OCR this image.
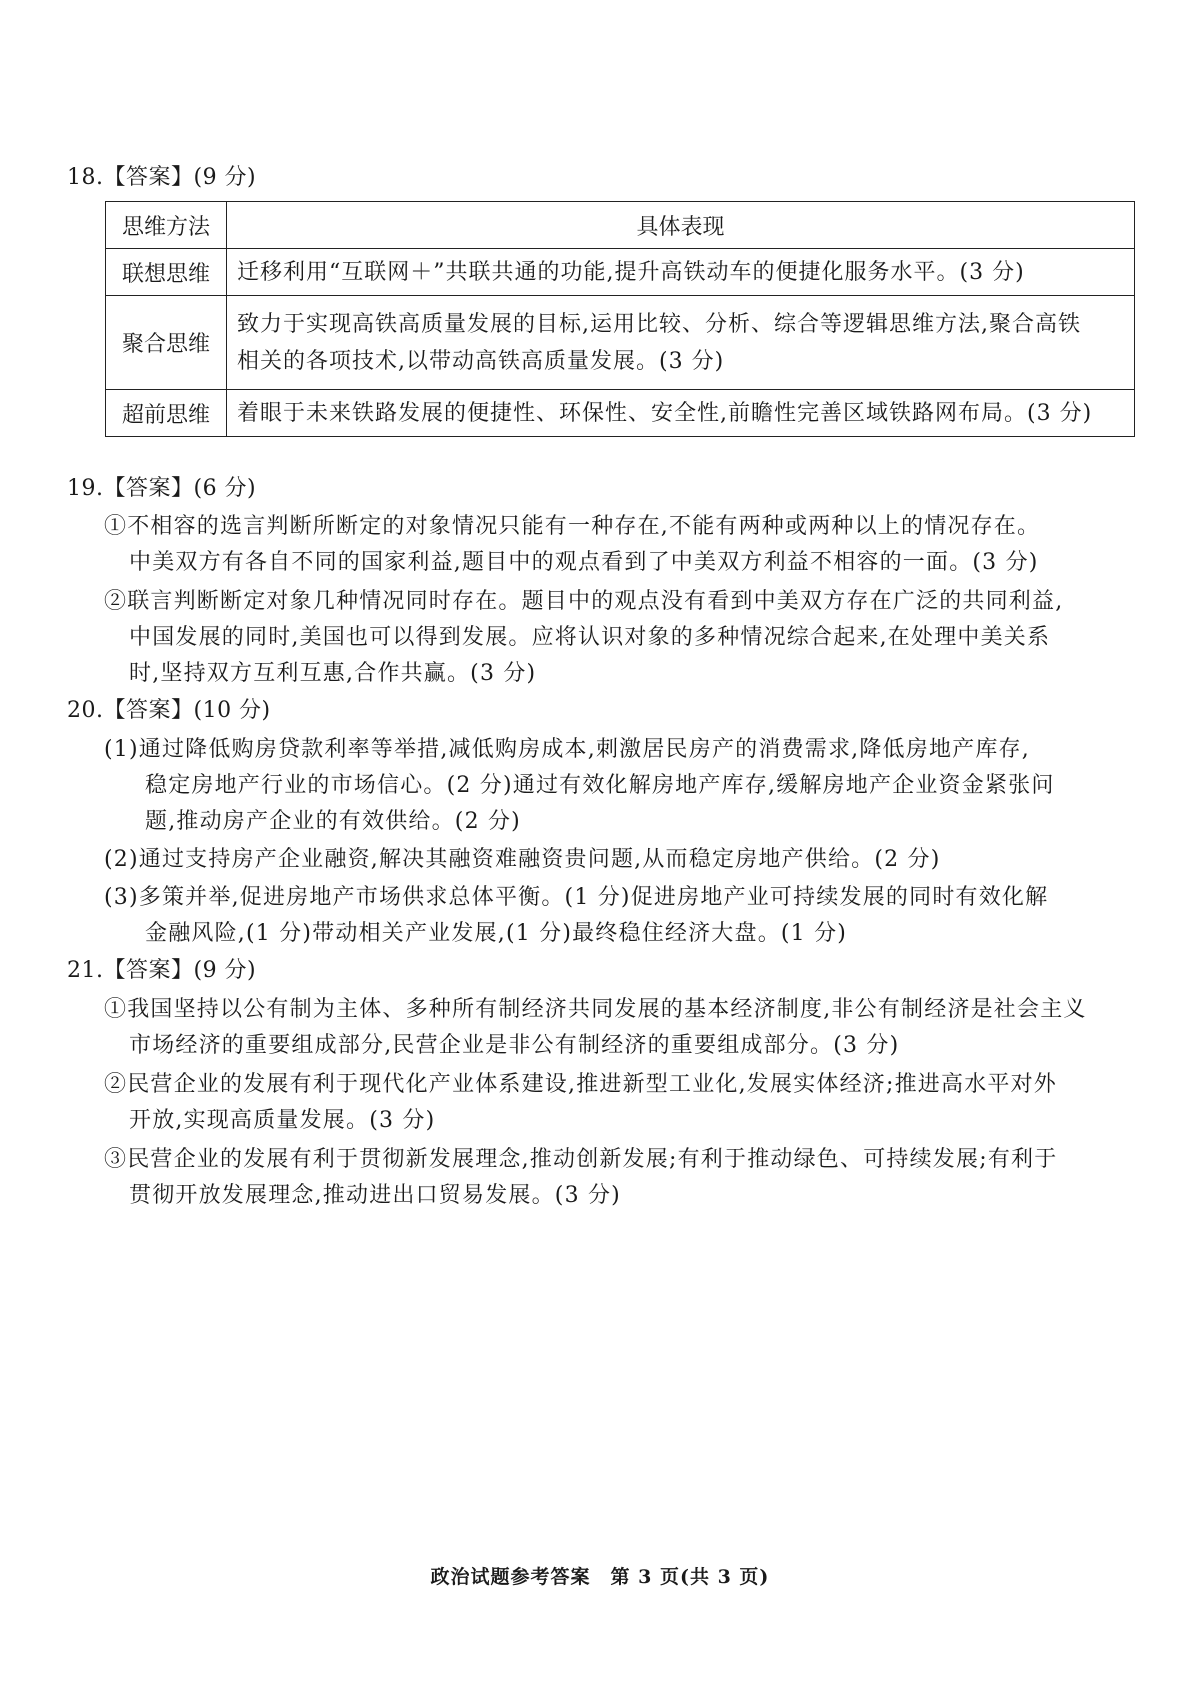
18.【答案】(9 分)
思维方法	具体表现
联想思维	迁移利用“互联网＋”共联共通的功能,提升高铁动车的便捷化服务水平。(3 分)

聚合思维	致力于实现高铁高质量发展的目标,运用比较、分析、综合等逻辑思维方法,聚合高铁
相关的各项技术,以带动高铁高质量发展。(3 分)

超前思维	着眼于未来铁路发展的便捷性、环保性、安全性,前瞻性完善区域铁路网布局。(3 分)
19.【答案】(6 分)
①不相容的选言判断所断定的对象情况只能有一种存在,不能有两种或两种以上的情况存在。
中美双方有各自不同的国家利益,题目中的观点看到了中美双方利益不相容的一面。(3 分)
②联言判断断定对象几种情况同时存在。题目中的观点没有看到中美双方存在广泛的共同利益,
中国发展的同时,美国也可以得到发展。应将认识对象的多种情况综合起来,在处理中美关系
时,坚持双方互利互惠,合作共赢。(3 分)
20.【答案】(10 分)
(1)通过降低购房贷款利率等举措,减低购房成本,刺激居民房产的消费需求,降低房地产库存,
稳定房地产行业的市场信心。(2 分)通过有效化解房地产库存,缓解房地产企业资金紧张问
题,推动房产企业的有效供给。(2 分)
(2)通过支持房产企业融资,解决其融资难融资贵问题,从而稳定房地产供给。(2 分)
(3)多策并举,促进房地产市场供求总体平衡。(1 分)促进房地产业可持续发展的同时有效化解
金融风险,(1 分)带动相关产业发展,(1 分)最终稳住经济大盘。(1 分)
21.【答案】(9 分)
①我国坚持以公有制为主体、多种所有制经济共同发展的基本经济制度,非公有制经济是社会主义
市场经济的重要组成部分,民营企业是非公有制经济的重要组成部分。(3 分)
②民营企业的发展有利于现代化产业体系建设,推进新型工业化,发展实体经济;推进高水平对外
开放,实现高质量发展。(3 分)
③民营企业的发展有利于贯彻新发展理念,推动创新发展;有利于推动绿色、可持续发展;有利于
贯彻开放发展理念,推动进出口贸易发展。(3 分)
政治试题参考答案　第 3 页(共 3 页)
